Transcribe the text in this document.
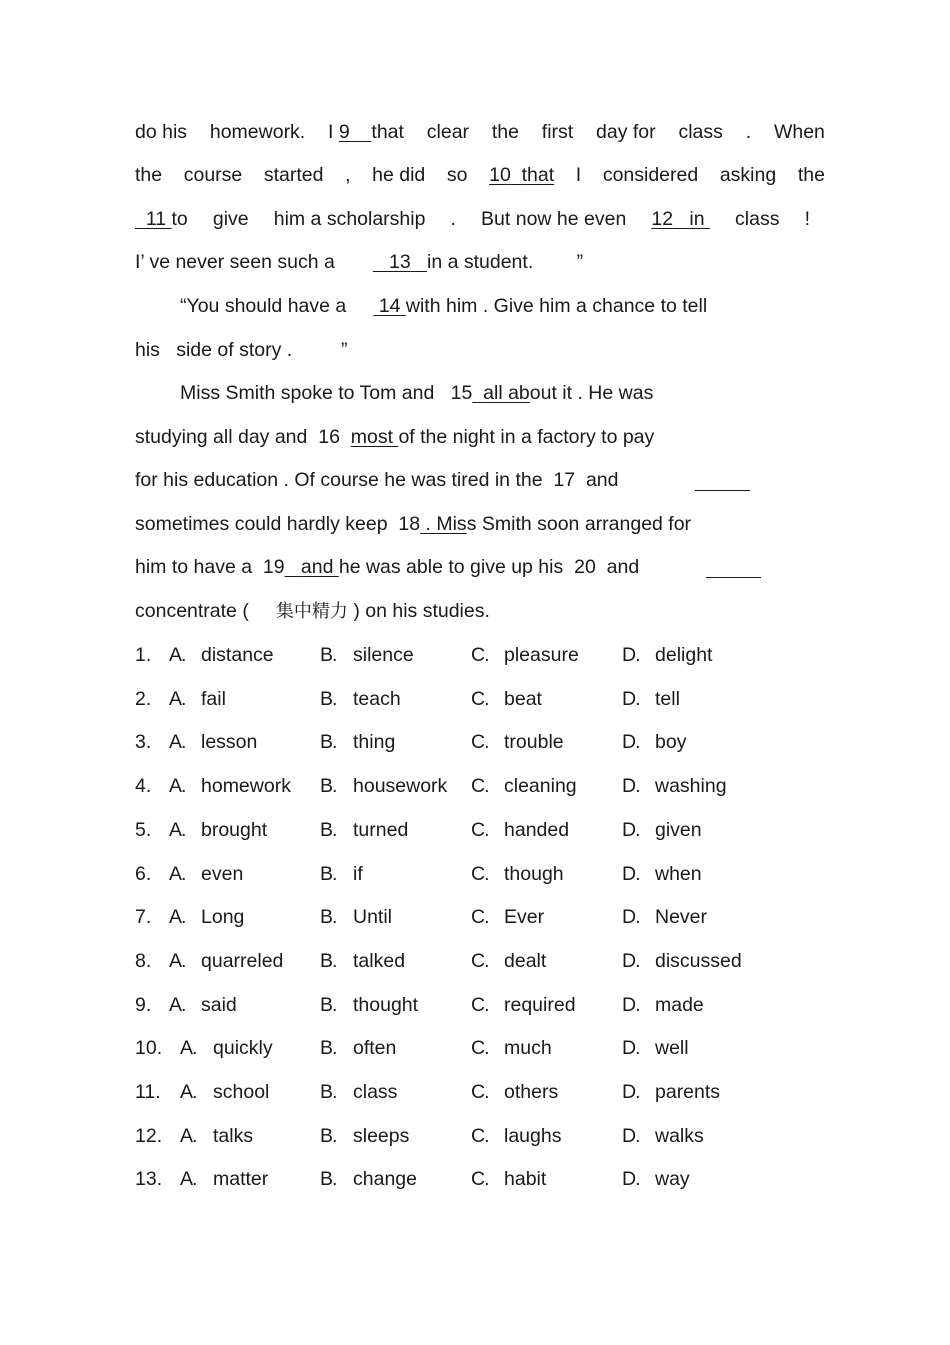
do his homework. I 9 that clear the first day for class . When
the course started , he did so 10 that I considered asking the
11 to give him a scholarship . But now he even 12 in class !
I’ ve never seen such a	13 in a student. ”
“You should have a 14 with him . Give him a chance to tell
his side of story .	”
Miss Smith spoke to Tom and 15 all about it . He was
studying all day and 16 most of the night in a factory to pay
for his education . Of course he was tired in the 17 and
sometimes could hardly keep 18 . Miss Smith soon arranged for
him to have a 19 and he was able to give up his 20 and
concentrate ( 集中精力 ) on his studies.
1. A. distance B. silence	C. pleasure D. delight
2. A. fail	B. teach	C. beat	D. tell
3. A. lesson	B. thing	C. trouble	D. boy
4. A. homework B. housework C. cleaning D. washing
5. A. brought	B. turned	C. handed	D. given
6. A. even	B. if	C. though	D. when
7. A. Long	B. Until	C. Ever	D. Never
8. A. quarreled B. talked	C. dealt	D. discussed
9. A. said	B. thought	C. required D. made
10. A. quickly B. often	C. much	D. well
11. A. school	B. class	C. others	D. parents
12. A. talks	B. sleeps	C. laughs	D. walks
13. A. matter	B. change	C. habit	D. way
